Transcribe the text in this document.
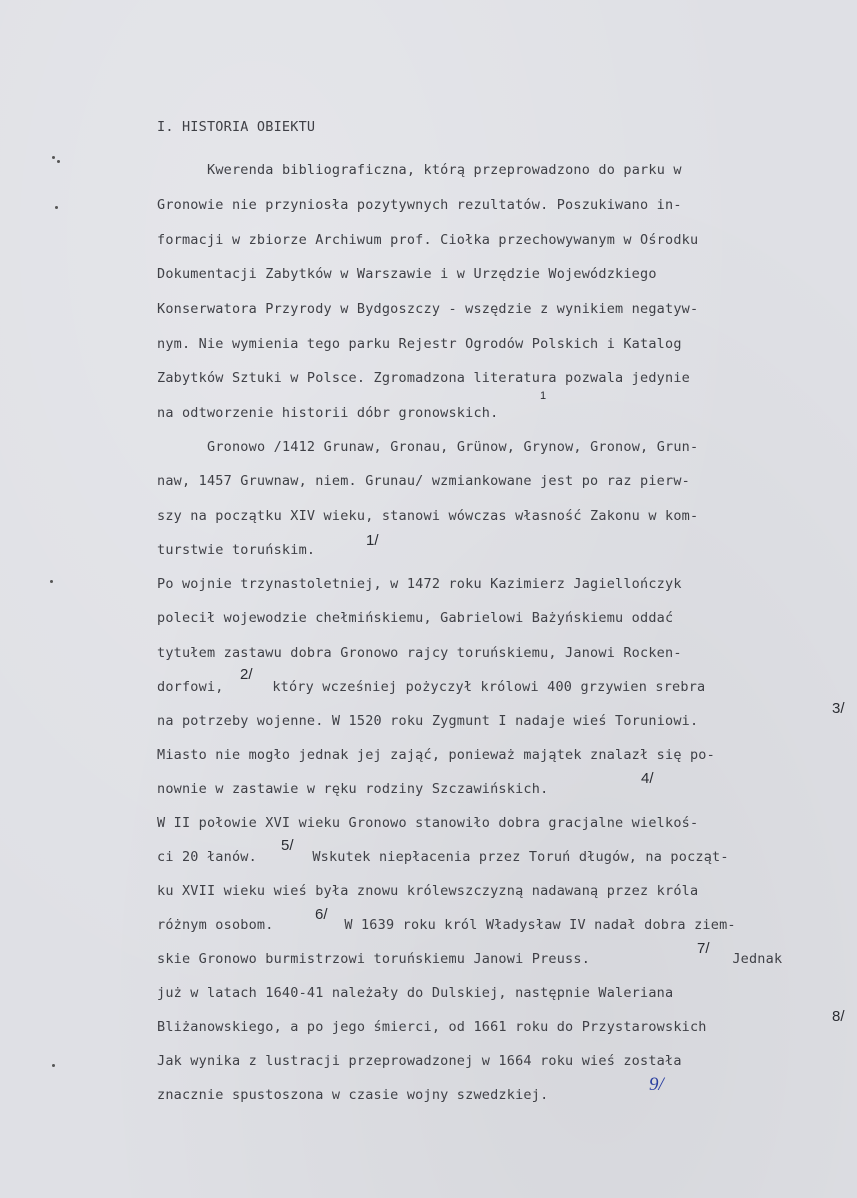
I. HISTORIA OBIEKTU
Kwerenda bibliograficzna, którą przeprowadzono do parku w
Gronowie nie przyniosła pozytywnych rezultatów. Poszukiwano in-
formacji w zbiorze Archiwum prof. Ciołka przechowywanym w Ośrodku
Dokumentacji Zabytków w Warszawie i w Urzędzie Wojewódzkiego
Konserwatora Przyrody w Bydgoszczy - wszędzie z wynikiem negatyw-
nym. Nie wymienia tego parku Rejestr Ogrodów Polskich i Katalog
Zabytków Sztuki w Polsce. Zgromadzona literatura pozwala jedynie
na odtworzenie historii dóbr gronowskich.
1
Gronowo /1412 Grunaw, Gronau, Grünow, Grynow, Gronow, Grun-
naw, 1457 Gruwnaw, niem. Grunau/ wzmiankowane jest po raz pierw-
szy na początku XIV wieku, stanowi wówczas własność Zakonu w kom-
turstwie toruńskim.
1/
Po wojnie trzynastoletniej, w 1472 roku Kazimierz Jagiellończyk
polecił wojewodzie chełmińskiemu, Gabrielowi Bażyńskiemu oddać
tytułem zastawu dobra Gronowo rajcy toruńskiemu, Janowi Rocken-
dorfowi,
2/
który wcześniej pożyczył królowi 400 grzywien srebra
na potrzeby wojenne. W 1520 roku Zygmunt I nadaje wieś Toruniowi.
3/
Miasto nie mogło jednak jej zająć, ponieważ majątek znalazł się po-
nownie w zastawie w ręku rodziny Szczawińskich.
4/
W II połowie XVI wieku Gronowo stanowiło dobra gracjalne wielkoś-
ci 20 łanów.
5/
Wskutek niepłacenia przez Toruń długów, na począt-
ku XVII wieku wieś była znowu królewszczyzną nadawaną przez króla
różnym osobom.
6/
W 1639 roku król Władysław IV nadał dobra ziem-
skie Gronowo burmistrzowi toruńskiemu Janowi Preuss.
7/
Jednak
już w latach 1640-41 należały do Dulskiej, następnie Waleriana
Bliżanowskiego, a po jego śmierci, od 1661 roku do Przystarowskich
8/
Jak wynika z lustracji przeprowadzonej w 1664 roku wieś została
znacznie spustoszona w czasie wojny szwedzkiej.	9/
